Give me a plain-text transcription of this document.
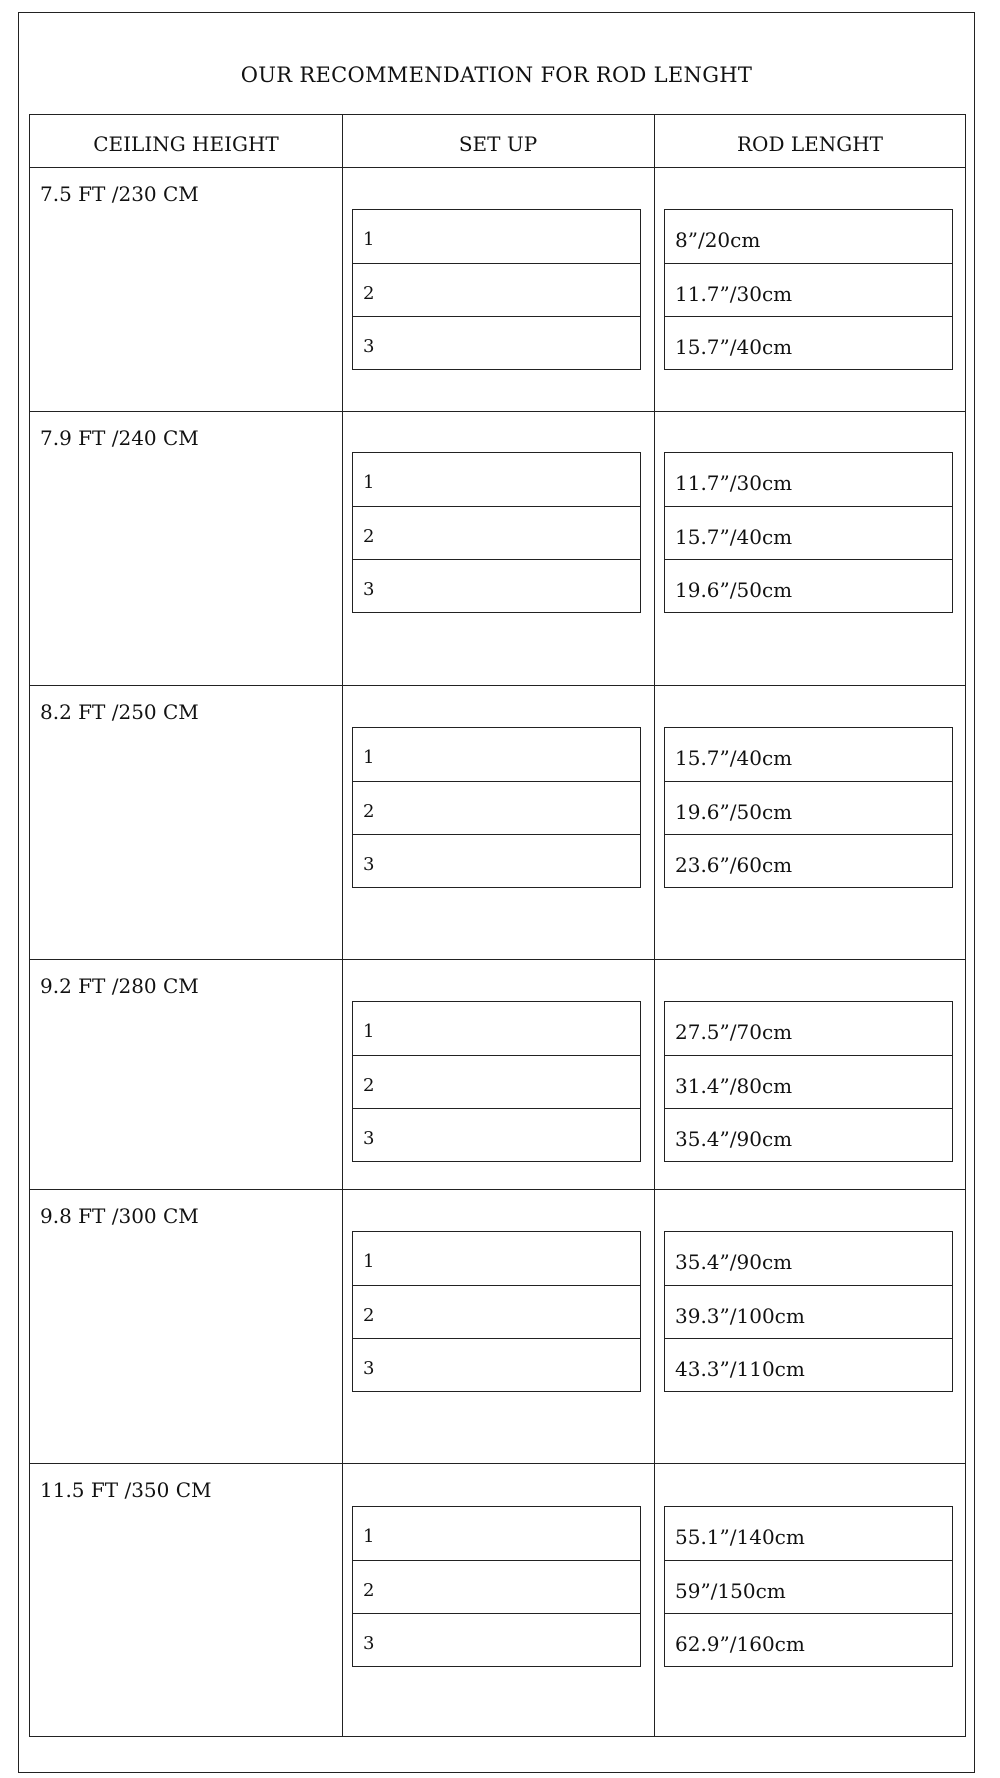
OUR RECOMMENDATION FOR ROD LENGHT
CEILING HEIGHT	SET UP	ROD LENGHT
7.5 FT /230 CM
1
2
3
8”/20cm
11.7”/30cm
15.7”/40cm
7.9 FT /240 CM
1
2
3
11.7”/30cm
15.7”/40cm
19.6”/50cm
8.2 FT /250 CM
1
2
3
15.7”/40cm
19.6”/50cm
23.6”/60cm
9.2 FT /280 CM
1
2
3
27.5”/70cm
31.4”/80cm
35.4”/90cm
9.8 FT /300 CM
1
2
3
35.4”/90cm
39.3”/100cm
43.3”/110cm
11.5 FT /350 CM
1
2
3
55.1”/140cm
59”/150cm
62.9”/160cm
